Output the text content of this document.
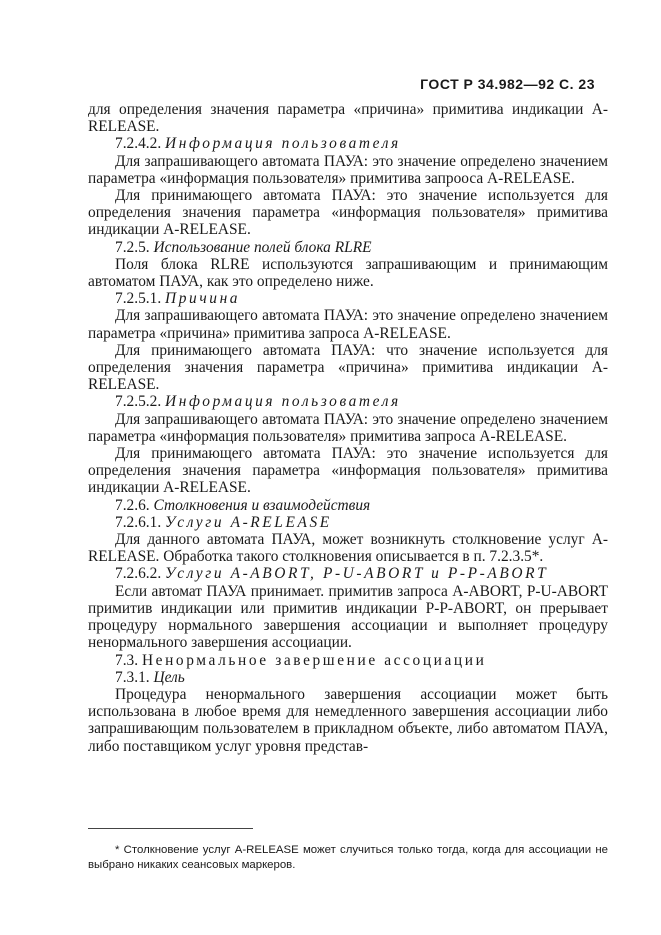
ГОСТ Р 34.982—92 С. 23

для определения значения параметра «причина» примитива индикации A-RELEASE.

7.2.4.2. Информация пользователя

Для запрашивающего автомата ПАУА: это значение определено значением параметра «информация пользователя» примитива запрооса A-RELEASE.

Для принимающего автомата ПАУА: это значение используется для определения значения параметра «информация пользователя» примитива индикации A-RELEASE.

7.2.5. Использование полей блока RLRE

Поля блока RLRE используются запрашивающим и принимающим автоматом ПАУА, как это определено ниже.

7.2.5.1. Причина

Для запрашивающего автомата ПАУА: это значение определено значением параметра «причина» примитива запроса A-RELEASE.

Для принимающего автомата ПАУА: что значение используется для определения значения параметра «причина» примитива индикации A-RELEASE.

7.2.5.2. Информация пользователя

Для запрашивающего автомата ПАУА: это значение определено значением параметра «информация пользователя» примитива запроса A-RELEASE.

Для принимающего автомата ПАУА: это значение используется для определения значения параметра «информация пользователя» примитива индикации A-RELEASE.

7.2.6. Столкновения и взаимодействия

7.2.6.1. Услуги A-RELEASE

Для данного автомата ПАУА, может возникнуть столкновение услуг A-RELEASE. Обработка такого столкновения описывается в п. 7.2.3.5*.

7.2.6.2. Услуги A-ABORT, P-U-ABORT и P-P-ABORT

Если автомат ПАУА принимает. примитив запроса A-ABORT, P-U-ABORT примитив индикации или примитив индикации P-P-ABORT, он прерывает процедуру нормального завершения ассоциации и выполняет процедуру ненормального завершения ассоциации.

7.3. Ненормальное завершение ассоциации

7.3.1. Цель

Процедура ненормального завершения ассоциации может быть использована в любое время для немедленного завершения ассоциации либо запрашивающим пользователем в прикладном объекте, либо автоматом ПАУА, либо поставщиком услуг уровня представ-

* Столкновение услуг A-RELEASE может случиться только тогда, когда для ассоциации не выбрано никаких сеансовых маркеров.
